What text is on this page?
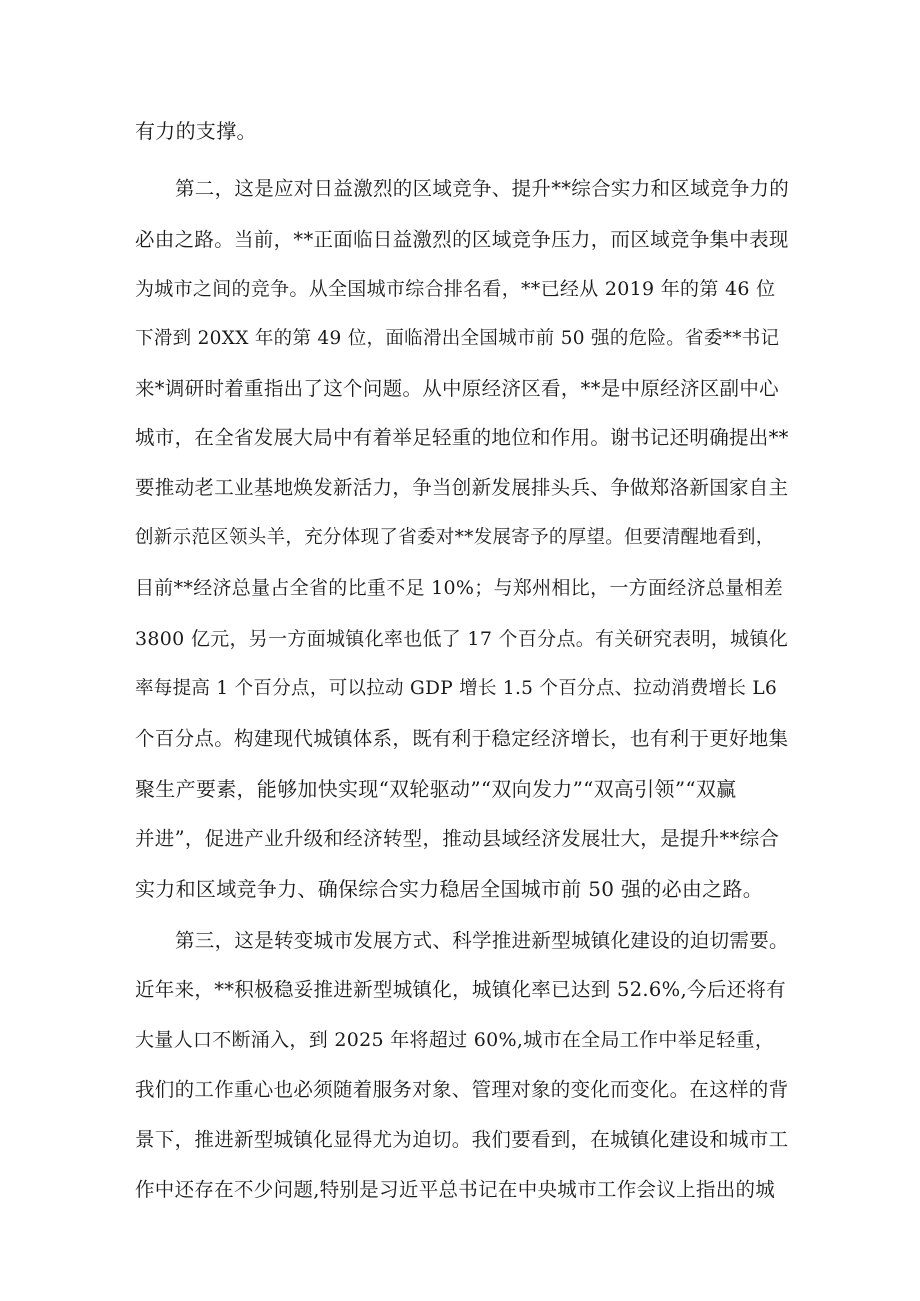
有力的支撑。
第二，这是应对日益激烈的区域竞争、提升**综合实力和区域竞争力的
必由之路。当前，**正面临日益激烈的区域竞争压力，而区域竞争集中表现
为城市之间的竞争。从全国城市综合排名看，**已经从 2019 年的第 46 位
下滑到 20XX 年的第 49 位，面临滑出全国城市前 50 强的危险。省委**书记
来*调研时着重指出了这个问题。从中原经济区看，**是中原经济区副中心
城市，在全省发展大局中有着举足轻重的地位和作用。谢书记还明确提出**
要推动老工业基地焕发新活力，争当创新发展排头兵、争做郑洛新国家自主
创新示范区领头羊，充分体现了省委对**发展寄予的厚望。但要清醒地看到，
目前**经济总量占全省的比重不足 10%；与郑州相比，一方面经济总量相差
3800 亿元，另一方面城镇化率也低了 17 个百分点。有关研究表明，城镇化
率每提高 1 个百分点，可以拉动 GDP 增长 1.5 个百分点、拉动消费增长 L6
个百分点。构建现代城镇体系，既有利于稳定经济增长，也有利于更好地集
聚生产要素，能够加快实现“双轮驱动”“双向发力”“双高引领”“双赢
并进”，促进产业升级和经济转型，推动县域经济发展壮大，是提升**综合
实力和区域竞争力、确保综合实力稳居全国城市前 50 强的必由之路。
第三，这是转变城市发展方式、科学推进新型城镇化建设的迫切需要。
近年来，**积极稳妥推进新型城镇化，城镇化率已达到 52.6%,今后还将有
大量人口不断涌入，到 2025 年将超过 60%,城市在全局工作中举足轻重，
我们的工作重心也必须随着服务对象、管理对象的变化而变化。在这样的背
景下，推进新型城镇化显得尤为迫切。我们要看到，在城镇化建设和城市工
作中还存在不少问题,特别是习近平总书记在中央城市工作会议上指出的城
